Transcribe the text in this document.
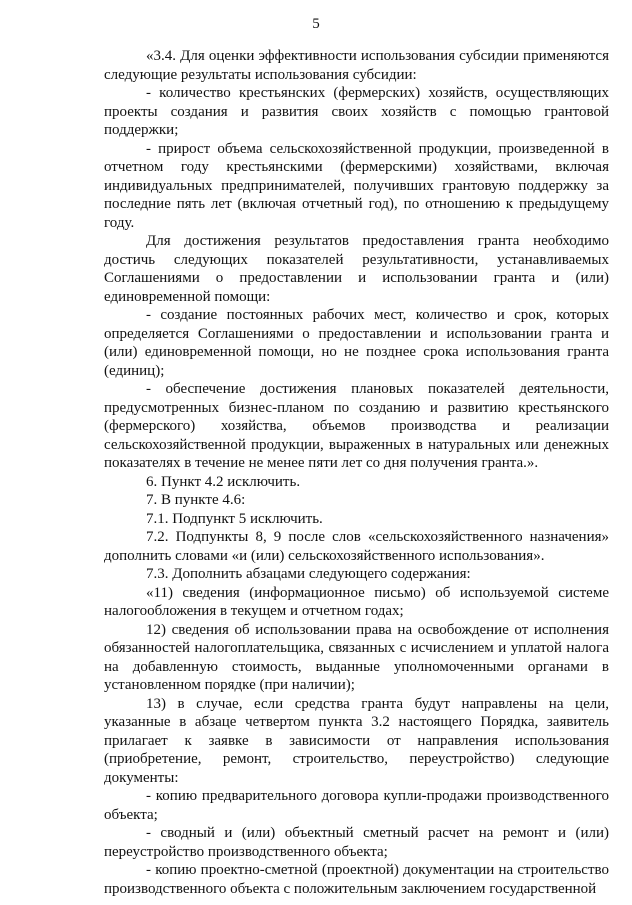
5

«3.4. Для оценки эффективности использования субсидии применяются следующие результаты использования субсидии:

- количество крестьянских (фермерских) хозяйств, осуществляющих проекты создания и развития своих хозяйств с помощью грантовой поддержки;

- прирост объема сельскохозяйственной продукции, произведенной в отчетном году крестьянскими (фермерскими) хозяйствами, включая индивидуальных предпринимателей, получивших грантовую поддержку за последние пять лет (включая отчетный год), по отношению к предыдущему году.

Для достижения результатов предоставления гранта необходимо достичь следующих показателей результативности, устанавливаемых Соглашениями о предоставлении и использовании гранта и (или) единовременной помощи:

- создание постоянных рабочих мест, количество и срок, которых определяется Соглашениями о предоставлении и использовании гранта и (или) единовременной помощи, но не позднее срока использования гранта (единиц);

- обеспечение достижения плановых показателей деятельности, предусмотренных бизнес-планом по созданию и развитию крестьянского (фермерского) хозяйства, объемов производства и реализации сельскохозяйственной продукции, выраженных в натуральных или денежных показателях в течение не менее пяти лет со дня получения гранта.».

6. Пункт 4.2 исключить.

7. В пункте 4.6:

7.1. Подпункт 5 исключить.

7.2. Подпункты 8, 9 после слов «сельскохозяйственного назначения» дополнить словами «и (или) сельскохозяйственного использования».

7.3. Дополнить абзацами следующего содержания:

«11) сведения (информационное письмо) об используемой системе налогообложения в текущем и отчетном годах;

12) сведения об использовании права на освобождение от исполнения обязанностей налогоплательщика, связанных с исчислением и уплатой налога на добавленную стоимость, выданные уполномоченными органами в установленном порядке (при наличии);

13) в случае, если средства гранта будут направлены на цели, указанные в абзаце четвертом пункта 3.2 настоящего Порядка, заявитель прилагает к заявке в зависимости от направления использования (приобретение, ремонт, строительство, переустройство) следующие документы:

- копию предварительного договора купли-продажи производственного объекта;

- сводный и (или) объектный сметный расчет на ремонт и (или) переустройство производственного объекта;

- копию проектно-сметной (проектной) документации на строительство производственного объекта с положительным заключением государственной
